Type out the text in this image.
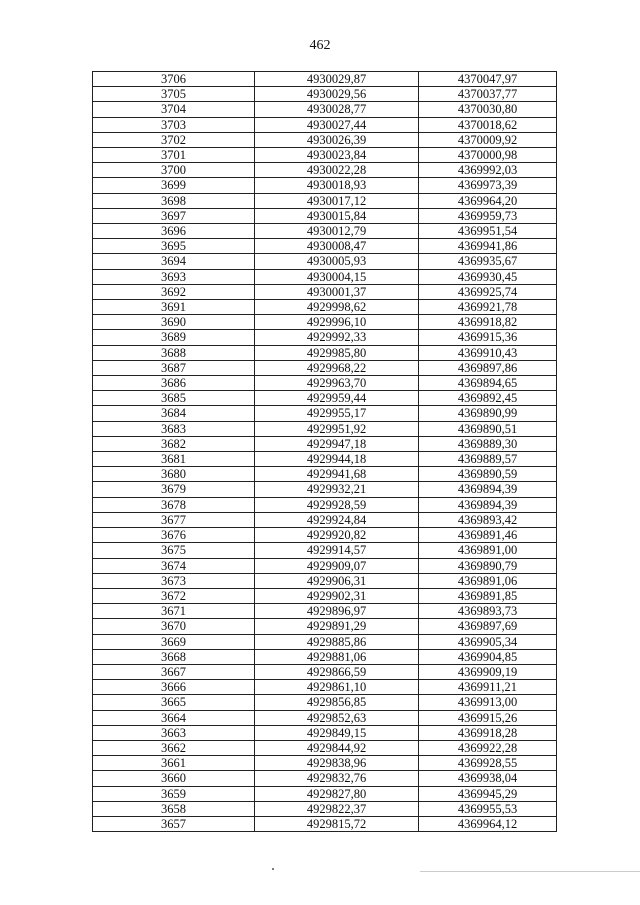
462
3706	4930029,87	4370047,97
3705	4930029,56	4370037,77
3704	4930028,77	4370030,80
3703	4930027,44	4370018,62
3702	4930026,39	4370009,92
3701	4930023,84	4370000,98
3700	4930022,28	4369992,03
3699	4930018,93	4369973,39
3698	4930017,12	4369964,20
3697	4930015,84	4369959,73
3696	4930012,79	4369951,54
3695	4930008,47	4369941,86
3694	4930005,93	4369935,67
3693	4930004,15	4369930,45
3692	4930001,37	4369925,74
3691	4929998,62	4369921,78
3690	4929996,10	4369918,82
3689	4929992,33	4369915,36
3688	4929985,80	4369910,43
3687	4929968,22	4369897,86
3686	4929963,70	4369894,65
3685	4929959,44	4369892,45
3684	4929955,17	4369890,99
3683	4929951,92	4369890,51
3682	4929947,18	4369889,30
3681	4929944,18	4369889,57
3680	4929941,68	4369890,59
3679	4929932,21	4369894,39
3678	4929928,59	4369894,39
3677	4929924,84	4369893,42
3676	4929920,82	4369891,46
3675	4929914,57	4369891,00
3674	4929909,07	4369890,79
3673	4929906,31	4369891,06
3672	4929902,31	4369891,85
3671	4929896,97	4369893,73
3670	4929891,29	4369897,69
3669	4929885,86	4369905,34
3668	4929881,06	4369904,85
3667	4929866,59	4369909,19
3666	4929861,10	4369911,21
3665	4929856,85	4369913,00
3664	4929852,63	4369915,26
3663	4929849,15	4369918,28
3662	4929844,92	4369922,28
3661	4929838,96	4369928,55
3660	4929832,76	4369938,04
3659	4929827,80	4369945,29
3658	4929822,37	4369955,53
3657	4929815,72	4369964,12
